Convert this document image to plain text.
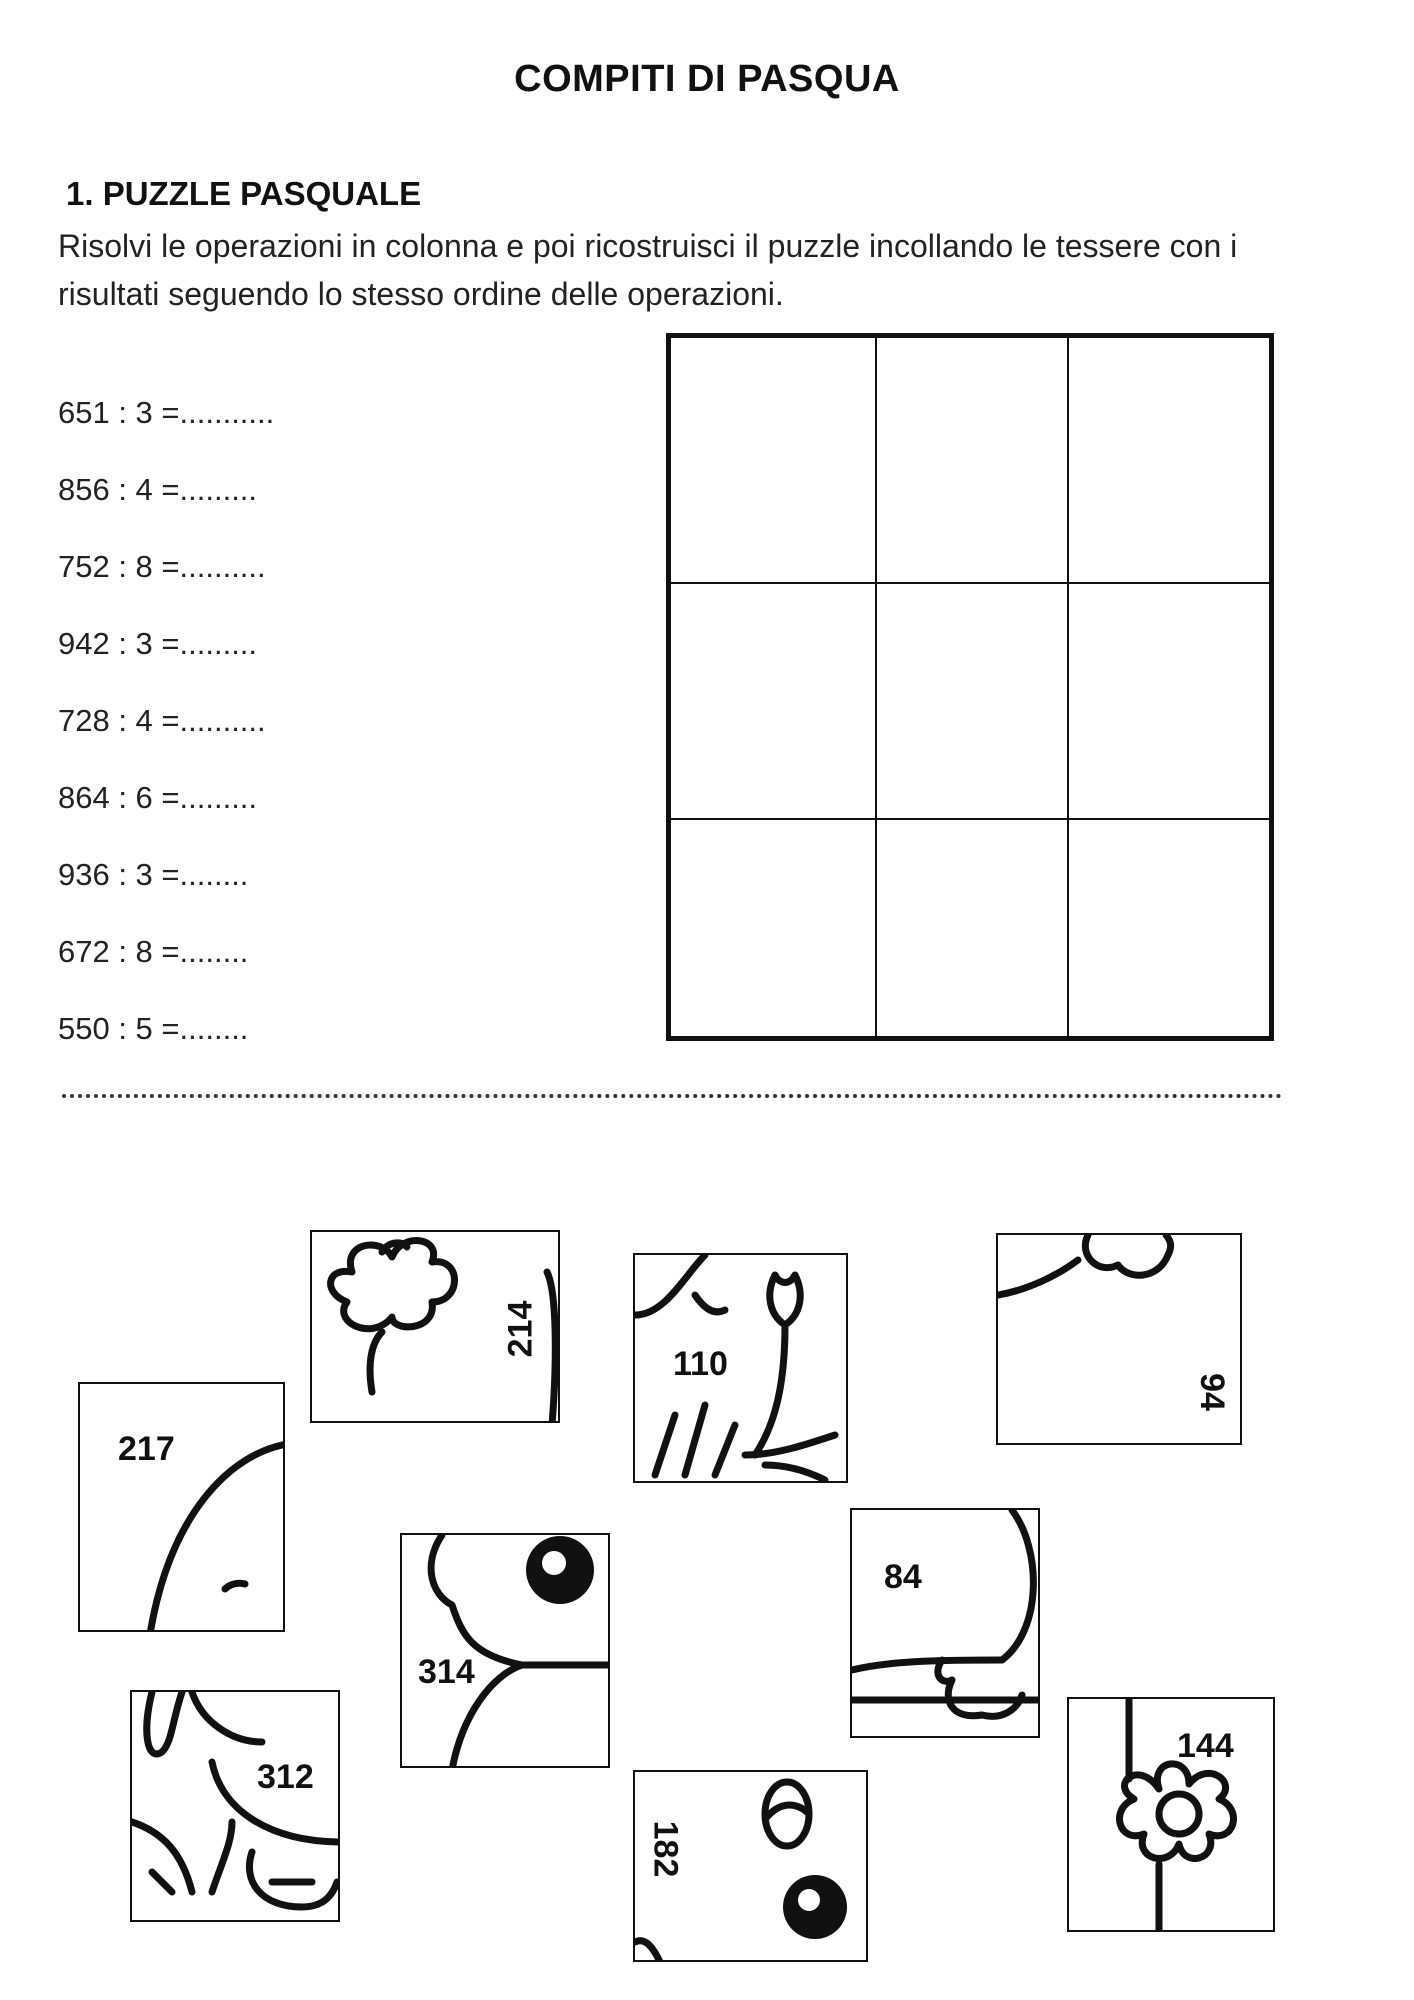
COMPITI DI PASQUA
1. PUZZLE PASQUALE

Risolvi le operazioni in colonna e poi ricostruisci il puzzle incollando le tessere con i risultati seguendo lo stesso ordine delle operazioni.

651 : 3 =...........
856 : 4 =.........
752 : 8 =..........
942 : 3 =.........
728 : 4 =..........
864 : 6 =.........
936 : 3 =........
672 : 8 =........
550 : 5 =........
214
110
94
217
314
84
312
182
144
